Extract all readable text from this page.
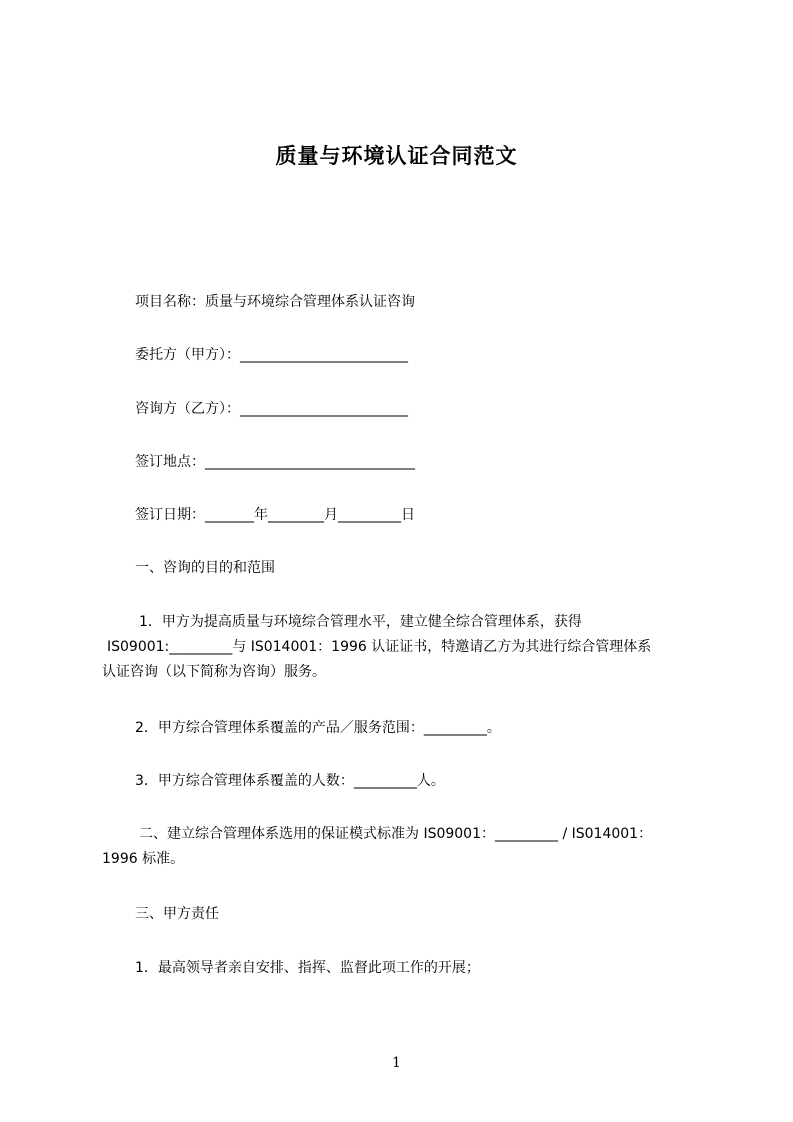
质量与环境认证合同范文
项目名称：质量与环境综合管理体系认证咨询
委托方（甲方）：________________________
咨询方（乙方）：________________________
签订地点：______________________________
签订日期：_______年________月_________日
一、咨询的目的和范围
1．甲方为提高质量与环境综合管理水平，建立健全综合管理体系，获得
IS09001:_________与 IS014001：1996 认证证书，特邀请乙方为其进行综合管理体系
认证咨询（以下简称为咨询）服务。
2．甲方综合管理体系覆盖的产品／服务范围：_________。
3．甲方综合管理体系覆盖的人数：_________人。
二、建立综合管理体系选用的保证模式标准为 IS09001：_________ / IS014001：
1996 标准。
三、甲方责任
1．最高领导者亲自安排、指挥、监督此项工作的开展；
1
